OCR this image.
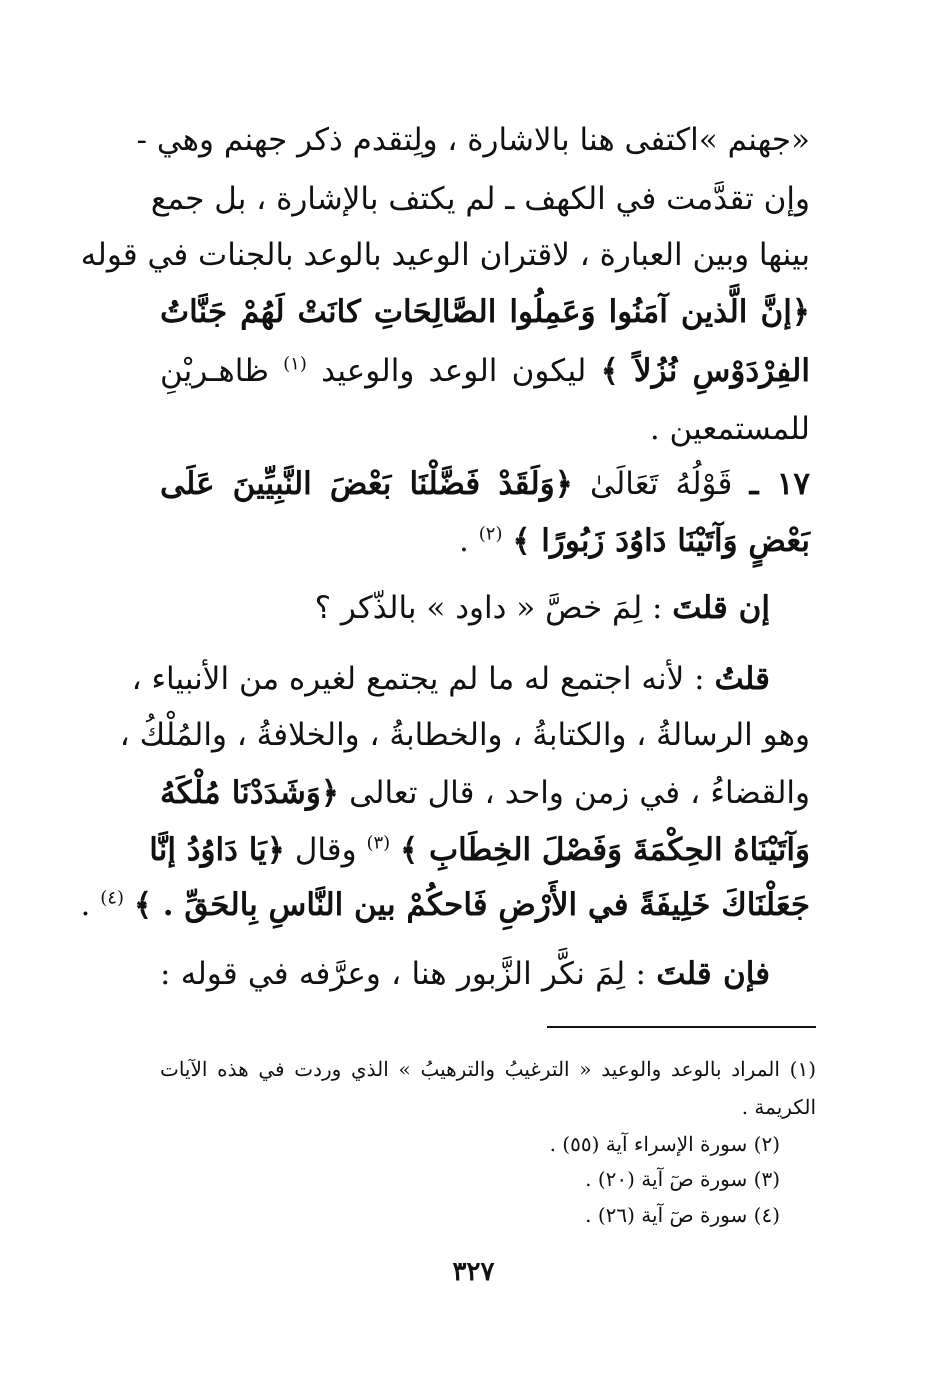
«جهنم »اكتفى هنا بالاشارة ، ولِتقدم ذكر جهنم وهي -
وإن تقدَّمت في الكهف ـ لم يكتف بالإشارة ، بل جمع
بينها وبين العبارة ، لاقتران الوعيد بالوعد بالجنات في قوله
﴿إنَّ الَّذين آمَنُوا وَعَمِلُوا الصَّالِحَاتِ كانَتْ لَهُمْ جَنَّاتُ
الفِرْدَوْسِ نُزُلاً ﴾ ليكون الوعد والوعيد $^{(١)}$ ظاهـريْنِ
للمستمعين .
١٧ ـ قَوْلُهُ تَعَالَىٰ ﴿وَلَقَدْ فَضَّلْنَا بَعْضَ النَّبِيِّينَ عَلَى
بَعْضٍ وَآتَيْنَا دَاوُدَ زَبُورًا ﴾ $^{(٢)}$ .
إن قلتَ : لِمَ خصَّ « داود » بالذّكر ؟
قلتُ : لأنه اجتمع له ما لم يجتمع لغيره من الأنبياء ،
وهو الرسالةُ ، والكتابةُ ، والخطابةُ ، والخلافةُ ، والمُلْكُ ،
والقضاءُ ، في زمن واحد ، قال تعالى ﴿وَشَدَدْنَا مُلْكَهُ
وَآتَيْنَاهُ الحِكْمَةَ وَفَصْلَ الخِطَابِ ﴾ $^{(٣)}$ وقال ﴿يَا دَاوُدُ إنَّا
جَعَلْنَاكَ خَلِيفَةً في الأَرْضِ فَاحكُمْ بين النَّاسِ بِالحَقِّ . ﴾ $^{(٤)}$ .
فإن قلتَ : لِمَ نكَّر الزَّبور هنا ، وعرَّفه في قوله :
(١) المراد بالوعد والوعيد « الترغيبُ والترهيبُ » الذي وردت في هذه الآيات
الكريمة .
(٢) سورة الإسراء آية (٥٥) .
(٣) سورة صٓ آية (٢٠) .
(٤) سورة صٓ آية (٢٦) .
٣٢٧
